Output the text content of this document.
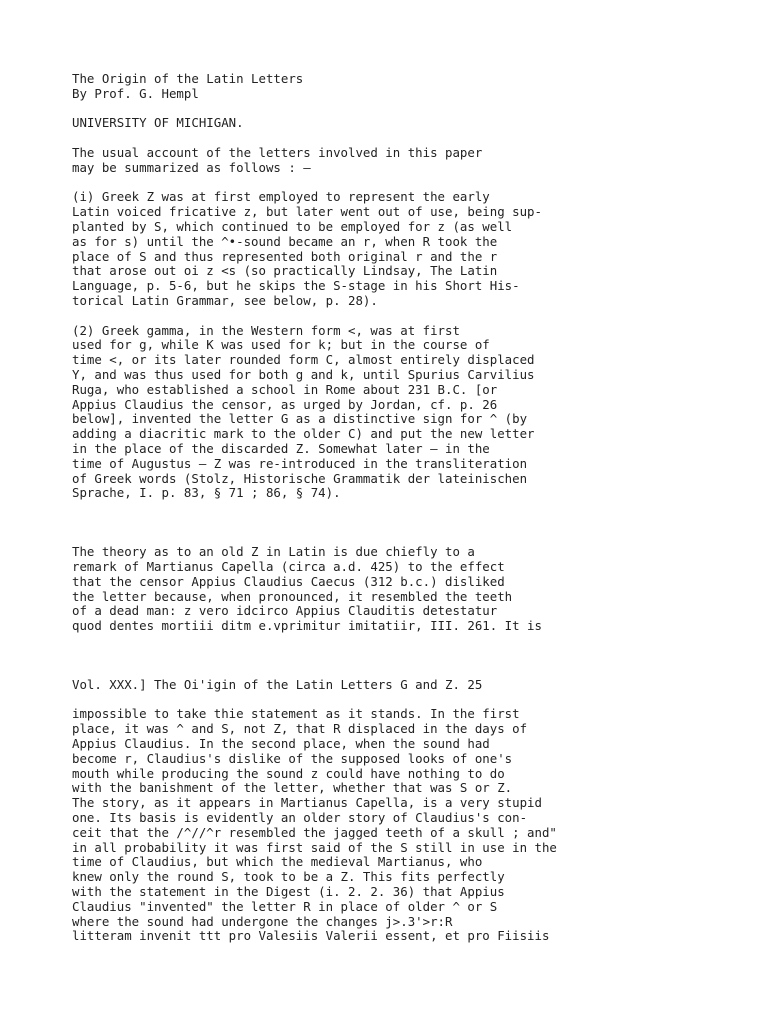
The Origin of the Latin Letters
By Prof. G. Hempl
UNIVERSITY OF MICHIGAN.
The usual account of the letters involved in this paper
may be summarized as follows : —
(i) Greek Z was at first employed to represent the early
Latin voiced fricative z, but later went out of use, being sup-
planted by S, which continued to be employed for z (as well
as for s) until the ^•-sound became an r, when R took the
place of S and thus represented both original r and the r
that arose out oi z <s (so practically Lindsay, The Latin
Language, p. 5-6, but he skips the S-stage in his Short His-
torical Latin Grammar, see below, p. 28).
(2) Greek gamma, in the Western form <, was at first
used for g, while K was used for k; but in the course of
time <, or its later rounded form C, almost entirely displaced
Y, and was thus used for both g and k, until Spurius Carvilius
Ruga, who established a school in Rome about 231 B.C. [or
Appius Claudius the censor, as urged by Jordan, cf. p. 26
below], invented the letter G as a distinctive sign for ^ (by
adding a diacritic mark to the older C) and put the new letter
in the place of the discarded Z. Somewhat later — in the
time of Augustus — Z was re-introduced in the transliteration
of Greek words (Stolz, Historische Grammatik der lateinischen
Sprache, I. p. 83, § 71 ; 86, § 74).
The theory as to an old Z in Latin is due chiefly to a
remark of Martianus Capella (circa a.d. 425) to the effect
that the censor Appius Claudius Caecus (312 b.c.) disliked
the letter because, when pronounced, it resembled the teeth
of a dead man: z vero idcirco Appius Clauditis detestatur
quod dentes mortiii ditm e.vprimitur imitatiir, III. 261. It is
Vol. XXX.] The Oi'igin of the Latin Letters G and Z. 25
impossible to take thie statement as it stands. In the first
place, it was ^ and S, not Z, that R displaced in the days of
Appius Claudius. In the second place, when the sound had
become r, Claudius's dislike of the supposed looks of one's
mouth while producing the sound z could have nothing to do
with the banishment of the letter, whether that was S or Z.
The story, as it appears in Martianus Capella, is a very stupid
one. Its basis is evidently an older story of Claudius's con-
ceit that the /^//^r resembled the jagged teeth of a skull ; and"
in all probability it was first said of the S still in use in the
time of Claudius, but which the medieval Martianus, who
knew only the round S, took to be a Z. This fits perfectly
with the statement in the Digest (i. 2. 2. 36) that Appius
Claudius "invented" the letter R in place of older ^ or S
where the sound had undergone the changes j>.3'>r:R
litteram invenit ttt pro Valesiis Valerii essent, et pro Fiisiis
